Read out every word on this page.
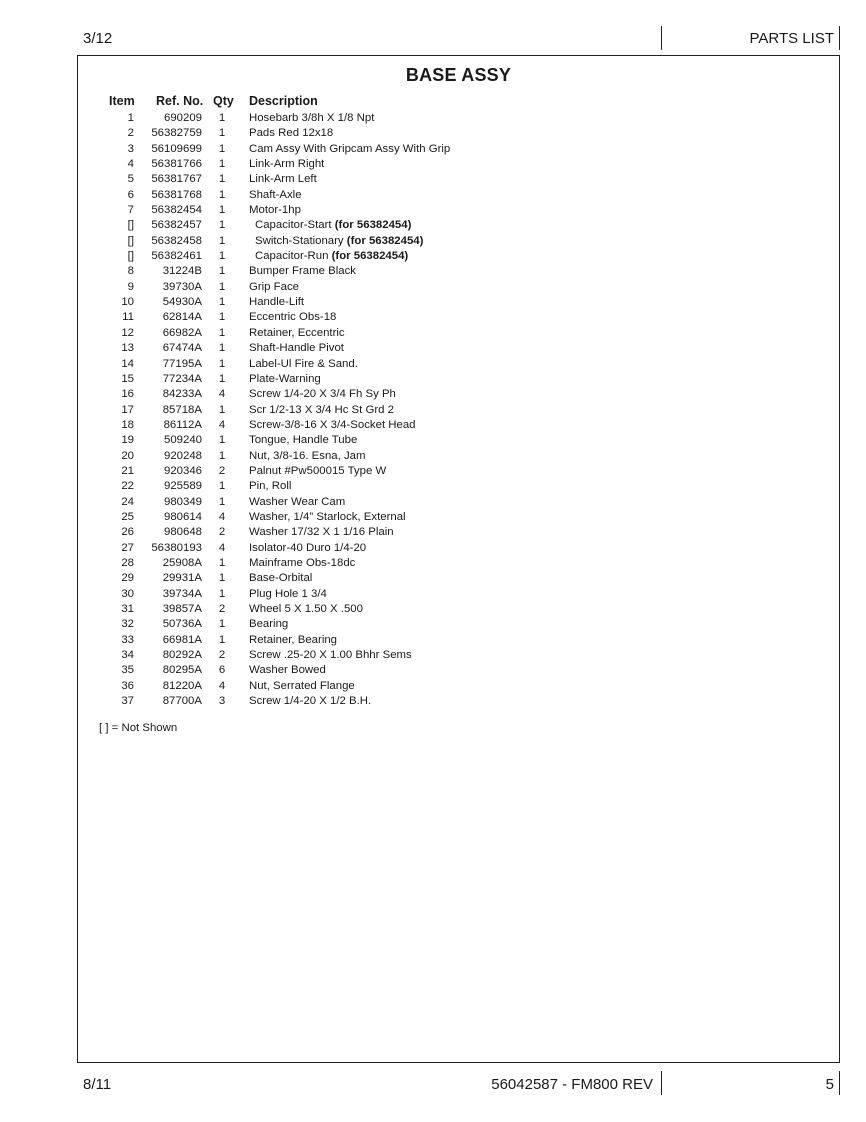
3/12	PARTS LIST
BASE ASSY
Item Ref. No. Qty Description
1	690209 1 Hosebarb 3/8h X 1/8 Npt
2 56382759 1 Pads Red 12x18
3 56109699 1 Cam Assy With Gripcam Assy With Grip
4 56381766 1 Link-Arm Right
5 56381767 1 Link-Arm Left
6 56381768 1 Shaft-Axle
7 56382454 1 Motor-1hp
[] 56382457 1	Capacitor-Start (for 56382454)
[] 56382458 1	Switch-Stationary (for 56382454)
[] 56382461 1	Capacitor-Run (for 56382454)
8	31224B 1 Bumper Frame Black
9	39730A 1 Grip Face
10	54930A 1 Handle-Lift
11	62814A 1 Eccentric Obs-18
12	66982A 1 Retainer, Eccentric
13	67474A 1 Shaft-Handle Pivot
14	77195A 1 Label-Ul Fire & Sand.
15	77234A 1 Plate-Warning
16	84233A 4 Screw 1/4-20 X 3/4 Fh Sy Ph
17	85718A 1 Scr 1/2-13 X 3/4 Hc St Grd 2
18	86112A 4 Screw-3/8-16 X 3/4-Socket Head
19	509240 1 Tongue, Handle Tube
20	920248 1 Nut, 3/8-16. Esna, Jam
21	920346 2 Palnut #Pw500015 Type W
22	925589 1 Pin, Roll
24	980349 1 Washer Wear Cam
25	980614 4 Washer, 1/4” Starlock, External
26	980648 2 Washer 17/32 X 1 1/16 Plain
27 56380193 4 Isolator-40 Duro 1/4-20
28	25908A 1 Mainframe Obs-18dc
29	29931A 1 Base-Orbital
30	39734A 1 Plug Hole 1 3/4
31	39857A 2 Wheel 5 X 1.50 X .500
32	50736A 1 Bearing
33	66981A 1 Retainer, Bearing
34	80292A 2 Screw .25-20 X 1.00 Bhhr Sems
35	80295A 6 Washer Bowed
36	81220A 4 Nut, Serrated Flange
37	87700A 3 Screw 1/4-20 X 1/2 B.H.
[ ] = Not Shown
8/11	56042587 - FM800 REV	5
